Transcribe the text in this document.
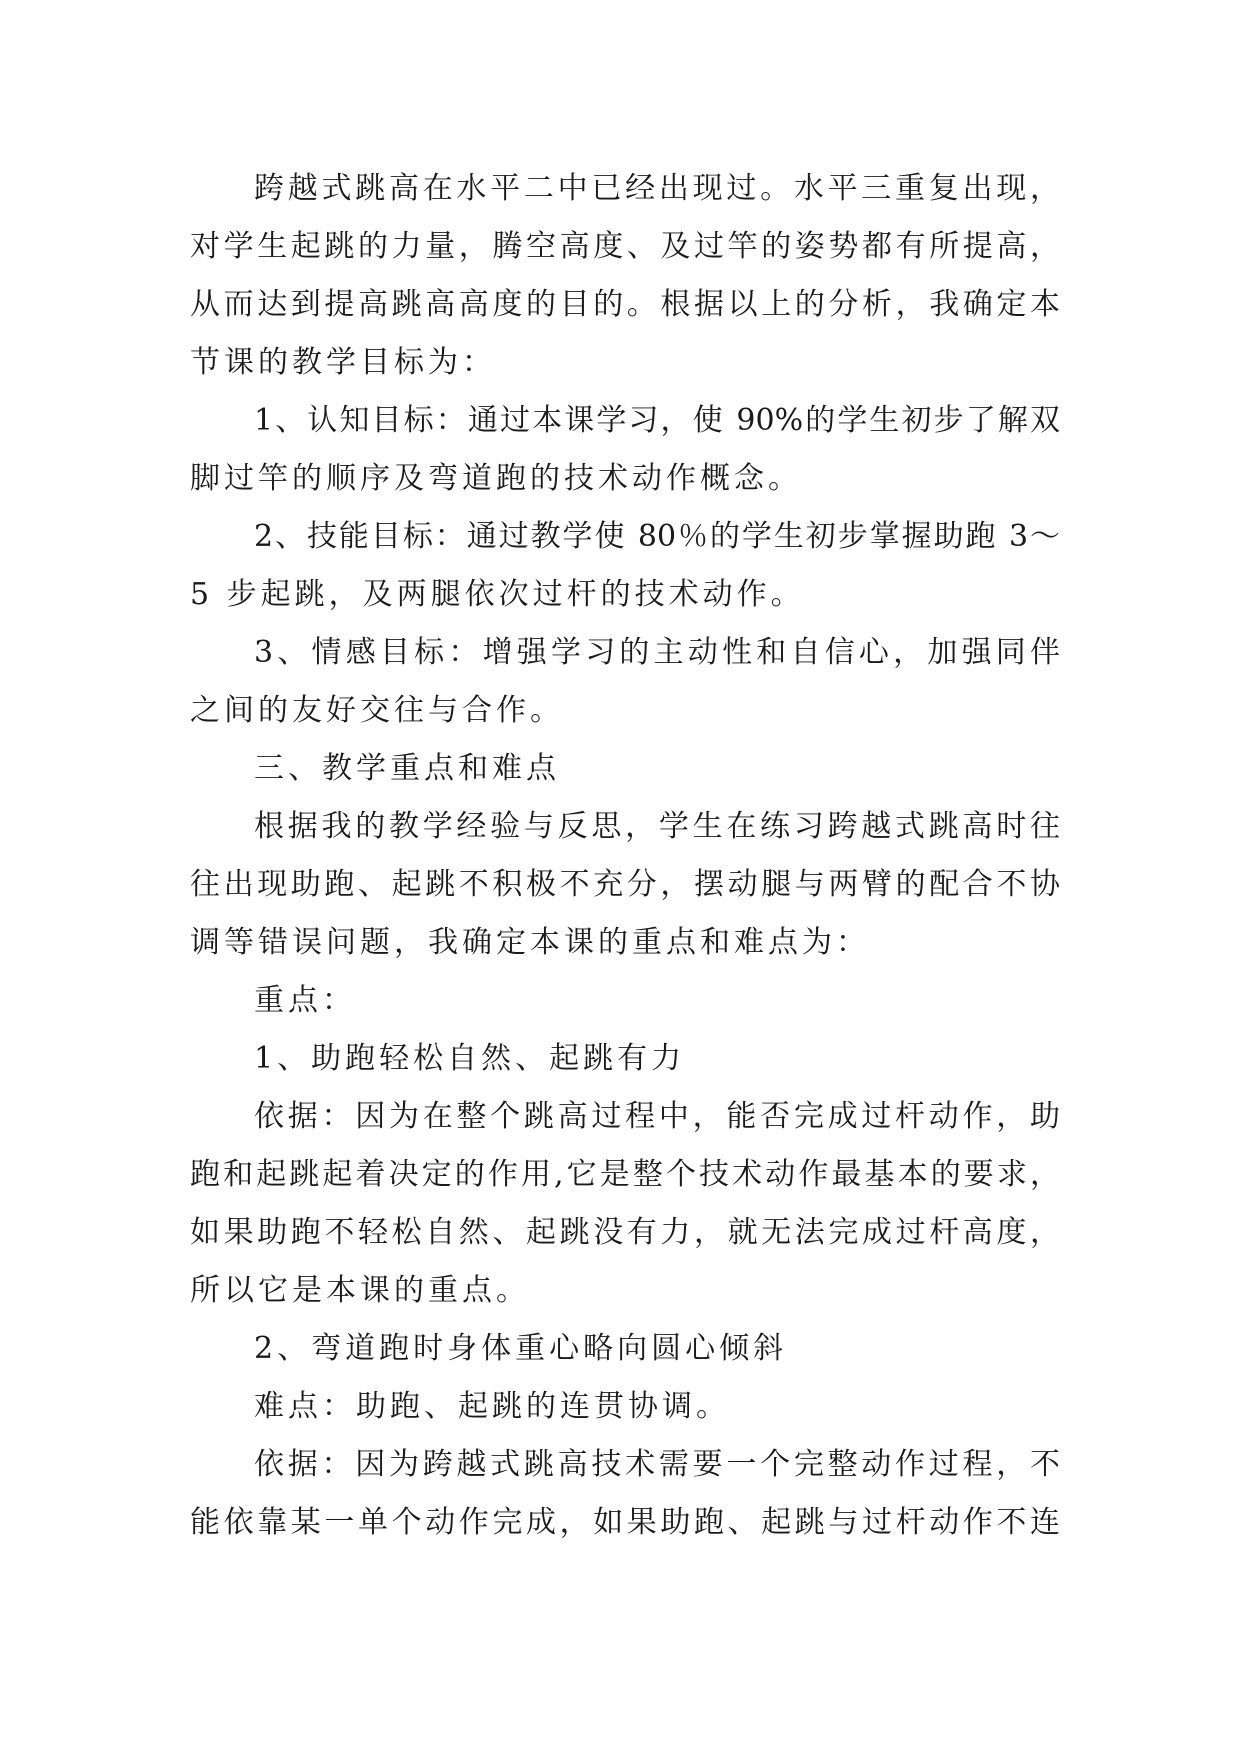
跨越式跳高在水平二中已经出现过。水平三重复出现，
对学生起跳的力量，腾空高度、及过竿的姿势都有所提高，
从而达到提高跳高高度的目的。根据以上的分析，我确定本
节课的教学目标为：
1、认知目标：通过本课学习，使 90%的学生初步了解双
脚过竿的顺序及弯道跑的技术动作概念。
2、技能目标：通过教学使 80％的学生初步掌握助跑 3～
5 步起跳，及两腿依次过杆的技术动作。
3、情感目标：增强学习的主动性和自信心，加强同伴
之间的友好交往与合作。
三、教学重点和难点
根据我的教学经验与反思，学生在练习跨越式跳高时往
往出现助跑、起跳不积极不充分，摆动腿与两臂的配合不协
调等错误问题，我确定本课的重点和难点为：
重点：
1、助跑轻松自然、起跳有力
依据：因为在整个跳高过程中，能否完成过杆动作，助
跑和起跳起着决定的作用,它是整个技术动作最基本的要求，
如果助跑不轻松自然、起跳没有力，就无法完成过杆高度，
所以它是本课的重点。
2、弯道跑时身体重心略向圆心倾斜
难点：助跑、起跳的连贯协调。
依据：因为跨越式跳高技术需要一个完整动作过程，不
能依靠某一单个动作完成，如果助跑、起跳与过杆动作不连
